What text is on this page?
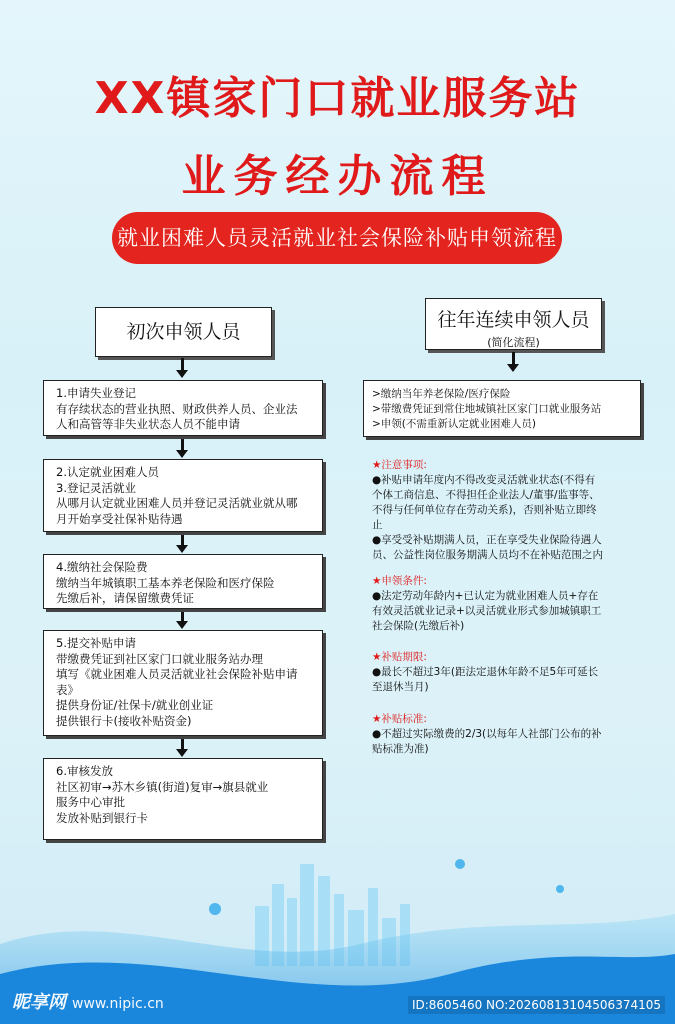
XX镇家门口就业服务站
业务经办流程
就业困难人员灵活就业社会保险补贴申领流程
初次申领人员
往年连续申领人员
(简化流程)
1.申请失业登记
有存续状态的营业执照、财政供养人员、企业法
人和高管等非失业状态人员不能申请
2.认定就业困难人员
3.登记灵活就业
从哪月认定就业困难人员并登记灵活就业就从哪
月开始享受社保补贴待遇
4.缴纳社会保险费
缴纳当年城镇职工基本养老保险和医疗保险
先缴后补，请保留缴费凭证
5.提交补贴申请
带缴费凭证到社区家门口就业服务站办理
填写《就业困难人员灵活就业社会保险补贴申请
表》
提供身份证/社保卡/就业创业证
提供银行卡(接收补贴资金)
6.审核发放
社区初审→苏木乡镇(街道)复审→旗县就业
服务中心审批
发放补贴到银行卡
>缴纳当年养老保险/医疗保险
>带缴费凭证到常住地城镇社区家门口就业服务站
>申领(不需重新认定就业困难人员)
★注意事项:
●补贴申请年度内不得改变灵活就业状态(不得有
个体工商信息、不得担任企业法人/董事/监事等、
不得与任何单位存在劳动关系)，否则补贴立即终
止
●享受受补贴期满人员，正在享受失业保险待遇人
员、公益性岗位服务期满人员均不在补贴范围之内
★申领条件:
●法定劳动年龄内+已认定为就业困难人员+存在
有效灵活就业记录+以灵活就业形式参加城镇职工
社会保险(先缴后补)
★补贴期限:
●最长不超过3年(距法定退休年龄不足5年可延长
至退休当月)
★补贴标准:
●不超过实际缴费的2/3(以每年人社部门公布的补
贴标准为准)
昵享网 www.nipic.cn	ID:8605460 NO:20260813104506374105
